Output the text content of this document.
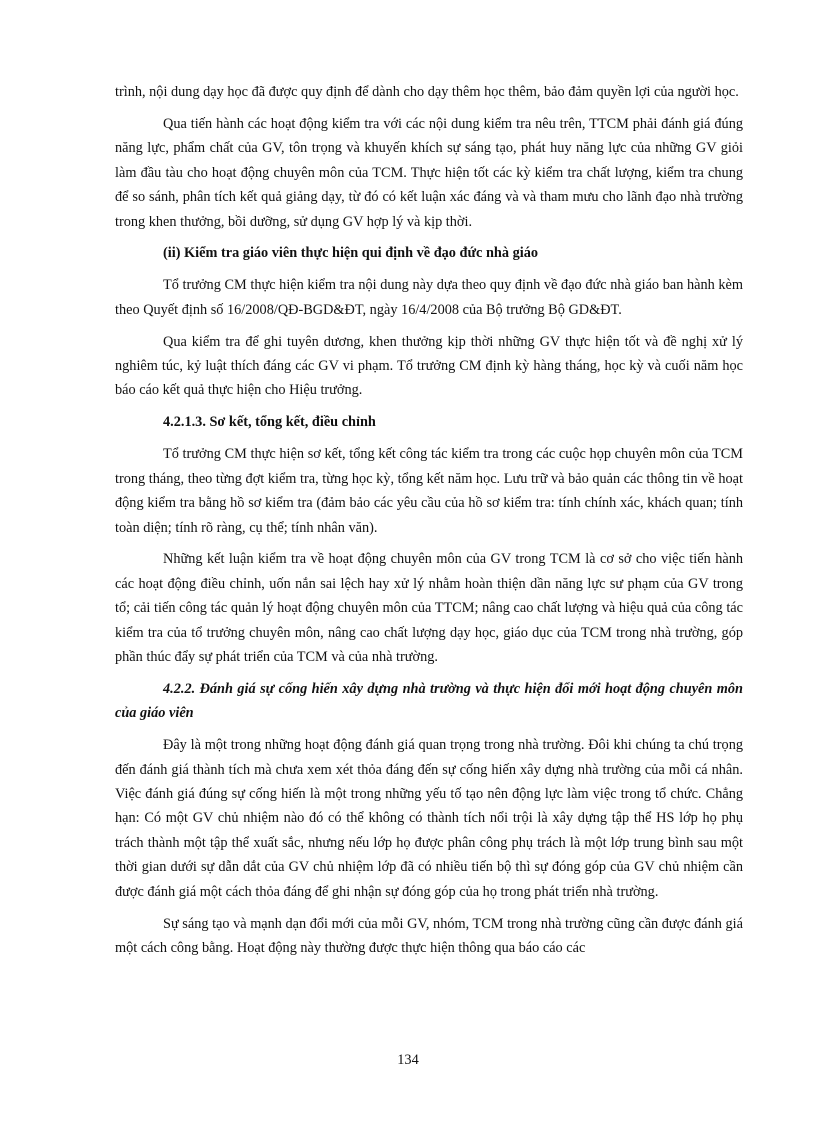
trình, nội dung dạy học đã được quy định để dành cho dạy thêm học thêm, bảo đảm quyền lợi của người học.

Qua tiến hành các hoạt động kiểm tra với các nội dung kiểm tra nêu trên, TTCM phải đánh giá đúng năng lực, phẩm chất của GV, tôn trọng và khuyến khích sự sáng tạo, phát huy năng lực của những GV giỏi làm đầu tàu cho hoạt động chuyên môn của TCM. Thực hiện tốt các kỳ kiểm tra chất lượng, kiểm tra chung để so sánh, phân tích kết quả giảng dạy, từ đó có kết luận xác đáng và và tham mưu cho lãnh đạo nhà trường trong khen thưởng, bồi dưỡng, sử dụng GV hợp lý và kịp thời.

(ii) Kiểm tra giáo viên thực hiện qui định về đạo đức nhà giáo

Tổ trưởng CM thực hiện kiểm tra nội dung này dựa theo quy định về đạo đức nhà giáo ban hành kèm theo Quyết định số 16/2008/QĐ-BGD&ĐT, ngày 16/4/2008 của Bộ trưởng Bộ GD&ĐT.

Qua kiểm tra để ghi tuyên dương, khen thưởng kịp thời những GV thực hiện tốt và đề nghị xử lý nghiêm túc, kỷ luật thích đáng các GV vi phạm. Tổ trưởng CM định kỳ hàng tháng, học kỳ và cuối năm học báo cáo kết quả thực hiện cho Hiệu trưởng.

4.2.1.3. Sơ kết, tổng kết, điều chỉnh

Tổ trưởng CM thực hiện sơ kết, tổng kết công tác kiểm tra trong các cuộc họp chuyên môn của TCM trong tháng, theo từng đợt kiểm tra, từng học kỳ, tổng kết năm học. Lưu trữ và bảo quản các thông tin về hoạt động kiểm tra bằng hồ sơ kiểm tra (đảm bảo các yêu cầu của hồ sơ kiểm tra: tính chính xác, khách quan; tính toàn diện; tính rõ ràng, cụ thể; tính nhân văn).

Những kết luận kiểm tra về hoạt động chuyên môn của GV trong TCM là cơ sở cho việc tiến hành các hoạt động điều chỉnh, uốn nắn sai lệch hay xử lý nhằm hoàn thiện dần năng lực sư phạm của GV trong tổ; cải tiến công tác quản lý hoạt động chuyên môn của TTCM; nâng cao chất lượng và hiệu quả của công tác kiểm tra của tổ trưởng chuyên môn, nâng cao chất lượng dạy học, giáo dục của TCM trong nhà trường, góp phần thúc đẩy sự phát triển của TCM và của nhà trường.

4.2.2. Đánh giá sự cống hiến xây dựng nhà trường và thực hiện đổi mới hoạt động chuyên môn của giáo viên

Đây là một trong những hoạt động đánh giá quan trọng trong nhà trường. Đôi khi chúng ta chú trọng đến đánh giá thành tích mà chưa xem xét thỏa đáng đến sự cống hiến xây dựng nhà trường của mỗi cá nhân. Việc đánh giá đúng sự cống hiến là một trong những yếu tố tạo nên động lực làm việc trong tổ chức. Chẳng hạn: Có một GV chủ nhiệm nào đó có thể không có thành tích nổi trội là xây dựng tập thể HS lớp họ phụ trách thành một tập thể xuất sắc, nhưng nếu lớp họ được phân công phụ trách là một lớp trung bình sau một thời gian dưới sự dẫn dắt của GV chủ nhiệm lớp đã có nhiều tiến bộ thì sự đóng góp của GV chủ nhiệm cần được đánh giá một cách thỏa đáng để ghi nhận sự đóng góp của họ trong phát triển nhà trường.

Sự sáng tạo và mạnh dạn đổi mới của mỗi GV, nhóm, TCM trong nhà trường cũng cần được đánh giá một cách công bằng. Hoạt động này thường được thực hiện thông qua báo cáo các

134
